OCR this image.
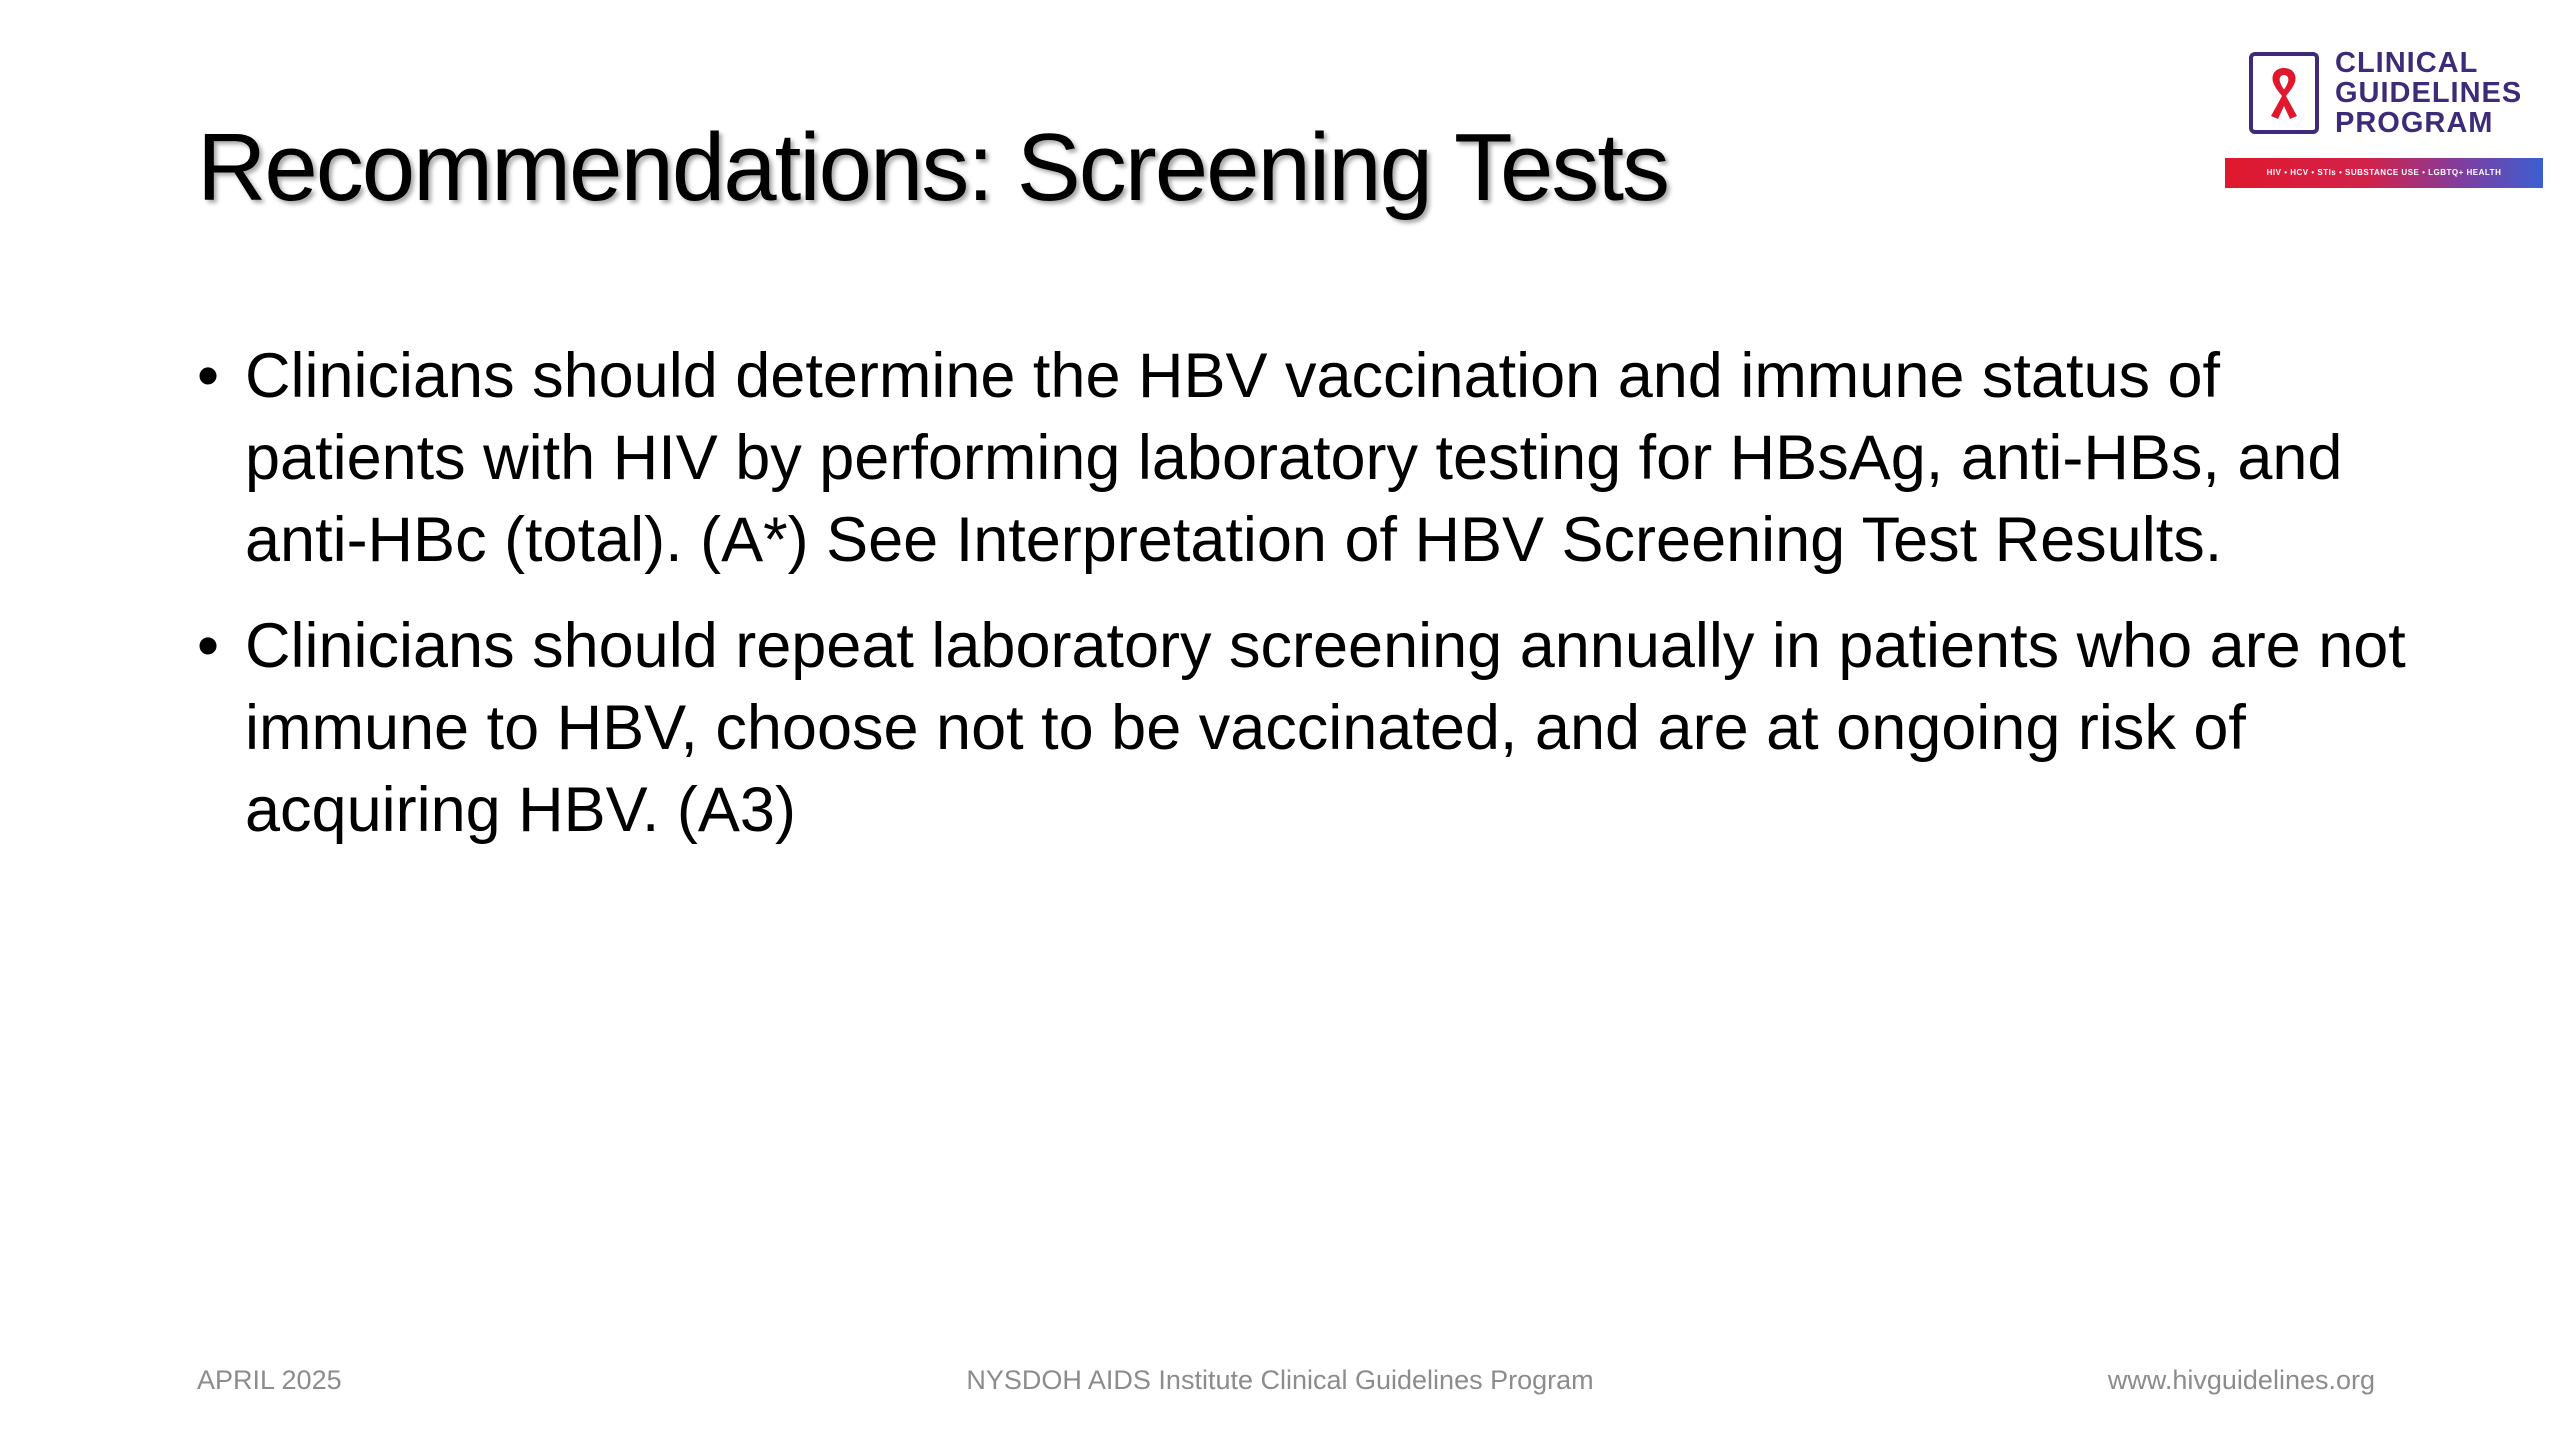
Recommendations: Screening Tests
CLINICAL
GUIDELINES
PROGRAM
HIV • HCV • STIs • SUBSTANCE USE • LGBTQ+ HEALTH
• Clinicians should determine the HBV vaccination and immune status of patients with HIV by performing laboratory testing for HBsAg, anti-HBs, and anti-HBc (total). (A*) See Interpretation of HBV Screening Test Results.
• Clinicians should repeat laboratory screening annually in patients who are not immune to HBV, choose not to be vaccinated, and are at ongoing risk of acquiring HBV. (A3)
APRIL 2025	NYSDOH AIDS Institute Clinical Guidelines Program	www.hivguidelines.org
